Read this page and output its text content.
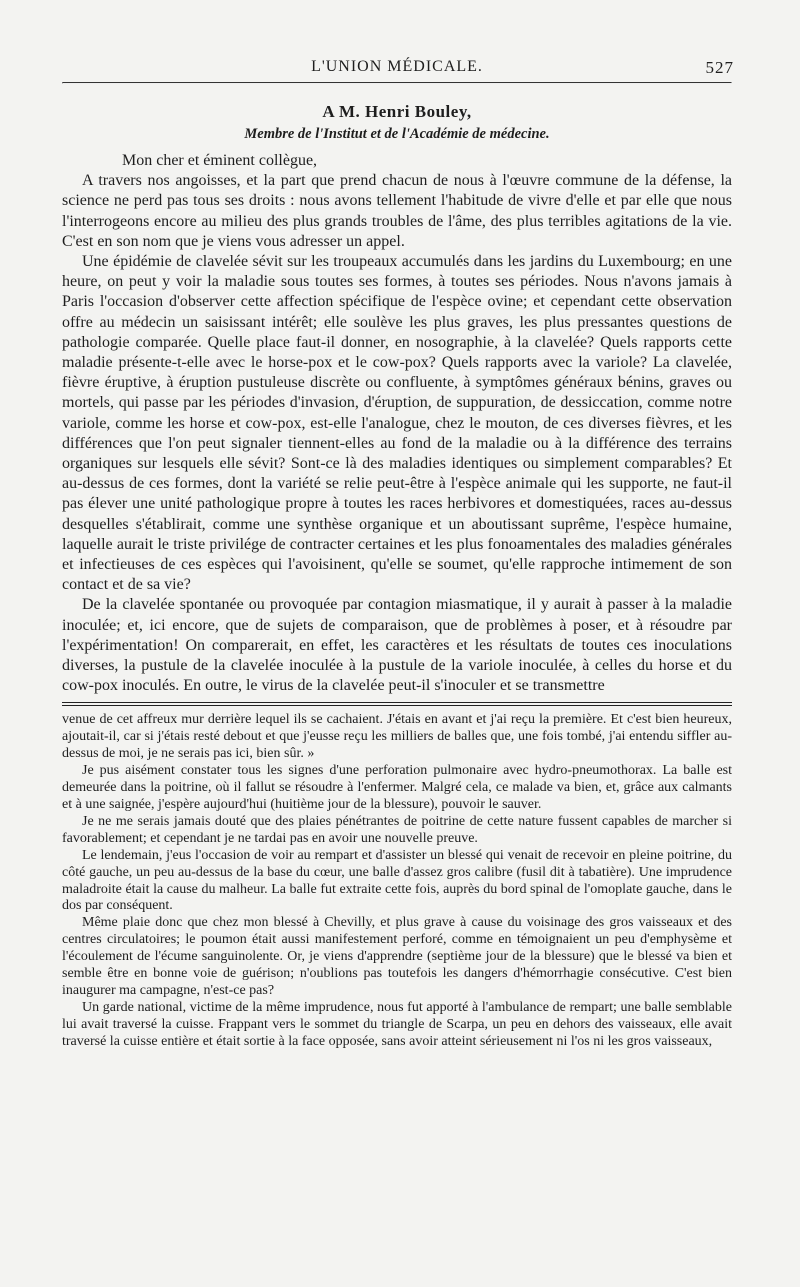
L'UNION MÉDICALE.	527
A M. Henri Bouley,
Membre de l'Institut et de l'Académie de médecine.

Mon cher et éminent collègue,

A travers nos angoisses, et la part que prend chacun de nous à l'œuvre commune de la défense, la science ne perd pas tous ses droits : nous avons tellement l'habitude de vivre d'elle et par elle que nous l'interrogeons encore au milieu des plus grands troubles de l'âme, des plus terribles agitations de la vie. C'est en son nom que je viens vous adresser un appel.

Une épidémie de clavelée sévit sur les troupeaux accumulés dans les jardins du Luxembourg; en une heure, on peut y voir la maladie sous toutes ses formes, à toutes ses périodes. Nous n'avons jamais à Paris l'occasion d'observer cette affection spécifique de l'espèce ovine; et cependant cette observation offre au médecin un saisissant intérêt; elle soulève les plus graves, les plus pressantes questions de pathologie comparée. Quelle place faut-il donner, en nosographie, à la clavelée? Quels rapports cette maladie présente-t-elle avec le horse-pox et le cow-pox? Quels rapports avec la variole? La clavelée, fièvre éruptive, à éruption pustuleuse discrète ou confluente, à symptômes généraux bénins, graves ou mortels, qui passe par les périodes d'invasion, d'éruption, de suppuration, de dessiccation, comme notre variole, comme les horse et cow-pox, est-elle l'analogue, chez le mouton, de ces diverses fièvres, et les différences que l'on peut signaler tiennent-elles au fond de la maladie ou à la différence des terrains organiques sur lesquels elle sévit? Sont-ce là des maladies identiques ou simplement comparables? Et au-dessus de ces formes, dont la variété se relie peut-être à l'espèce animale qui les supporte, ne faut-il pas élever une unité pathologique propre à toutes les races herbivores et domestiquées, races au-dessus desquelles s'établirait, comme une synthèse organique et un aboutissant suprême, l'espèce humaine, laquelle aurait le triste privilége de contracter certaines et les plus fonoamentales des maladies générales et infectieuses de ces espèces qui l'avoisinent, qu'elle se soumet, qu'elle rapproche intimement de son contact et de sa vie?

De la clavelée spontanée ou provoquée par contagion miasmatique, il y aurait à passer à la maladie inoculée; et, ici encore, que de sujets de comparaison, que de problèmes à poser, et à résoudre par l'expérimentation! On comparerait, en effet, les caractères et les résultats de toutes ces inoculations diverses, la pustule de la clavelée inoculée à la pustule de la variole inoculée, à celles du horse et du cow-pox inoculés. En outre, le virus de la clavelée peut-il s'inoculer et se transmettre

venue de cet affreux mur derrière lequel ils se cachaient. J'étais en avant et j'ai reçu la première. Et c'est bien heureux, ajoutait-il, car si j'étais resté debout et que j'eusse reçu les milliers de balles que, une fois tombé, j'ai entendu siffler au-dessus de moi, je ne serais pas ici, bien sûr. »

Je pus aisément constater tous les signes d'une perforation pulmonaire avec hydro-pneumothorax. La balle est demeurée dans la poitrine, où il fallut se résoudre à l'enfermer. Malgré cela, ce malade va bien, et, grâce aux calmants et à une saignée, j'espère aujourd'hui (huitième jour de la blessure), pouvoir le sauver.

Je ne me serais jamais douté que des plaies pénétrantes de poitrine de cette nature fussent capables de marcher si favorablement; et cependant je ne tardai pas en avoir une nouvelle preuve.

Le lendemain, j'eus l'occasion de voir au rempart et d'assister un blessé qui venait de recevoir en pleine poitrine, du côté gauche, un peu au-dessus de la base du cœur, une balle d'assez gros calibre (fusil dit à tabatière). Une imprudence maladroite était la cause du malheur. La balle fut extraite cette fois, auprès du bord spinal de l'omoplate gauche, dans le dos par conséquent.

Même plaie donc que chez mon blessé à Chevilly, et plus grave à cause du voisinage des gros vaisseaux et des centres circulatoires; le poumon était aussi manifestement perforé, comme en témoignaient un peu d'emphysème et l'écoulement de l'écume sanguinolente. Or, je viens d'apprendre (septième jour de la blessure) que le blessé va bien et semble être en bonne voie de guérison; n'oublions pas toutefois les dangers d'hémorrhagie consécutive. C'est bien inaugurer ma campagne, n'est-ce pas?

Un garde national, victime de la même imprudence, nous fut apporté à l'ambulance de rempart; une balle semblable lui avait traversé la cuisse. Frappant vers le sommet du triangle de Scarpa, un peu en dehors des vaisseaux, elle avait traversé la cuisse entière et était sortie à la face opposée, sans avoir atteint sérieusement ni l'os ni les gros vaisseaux,
